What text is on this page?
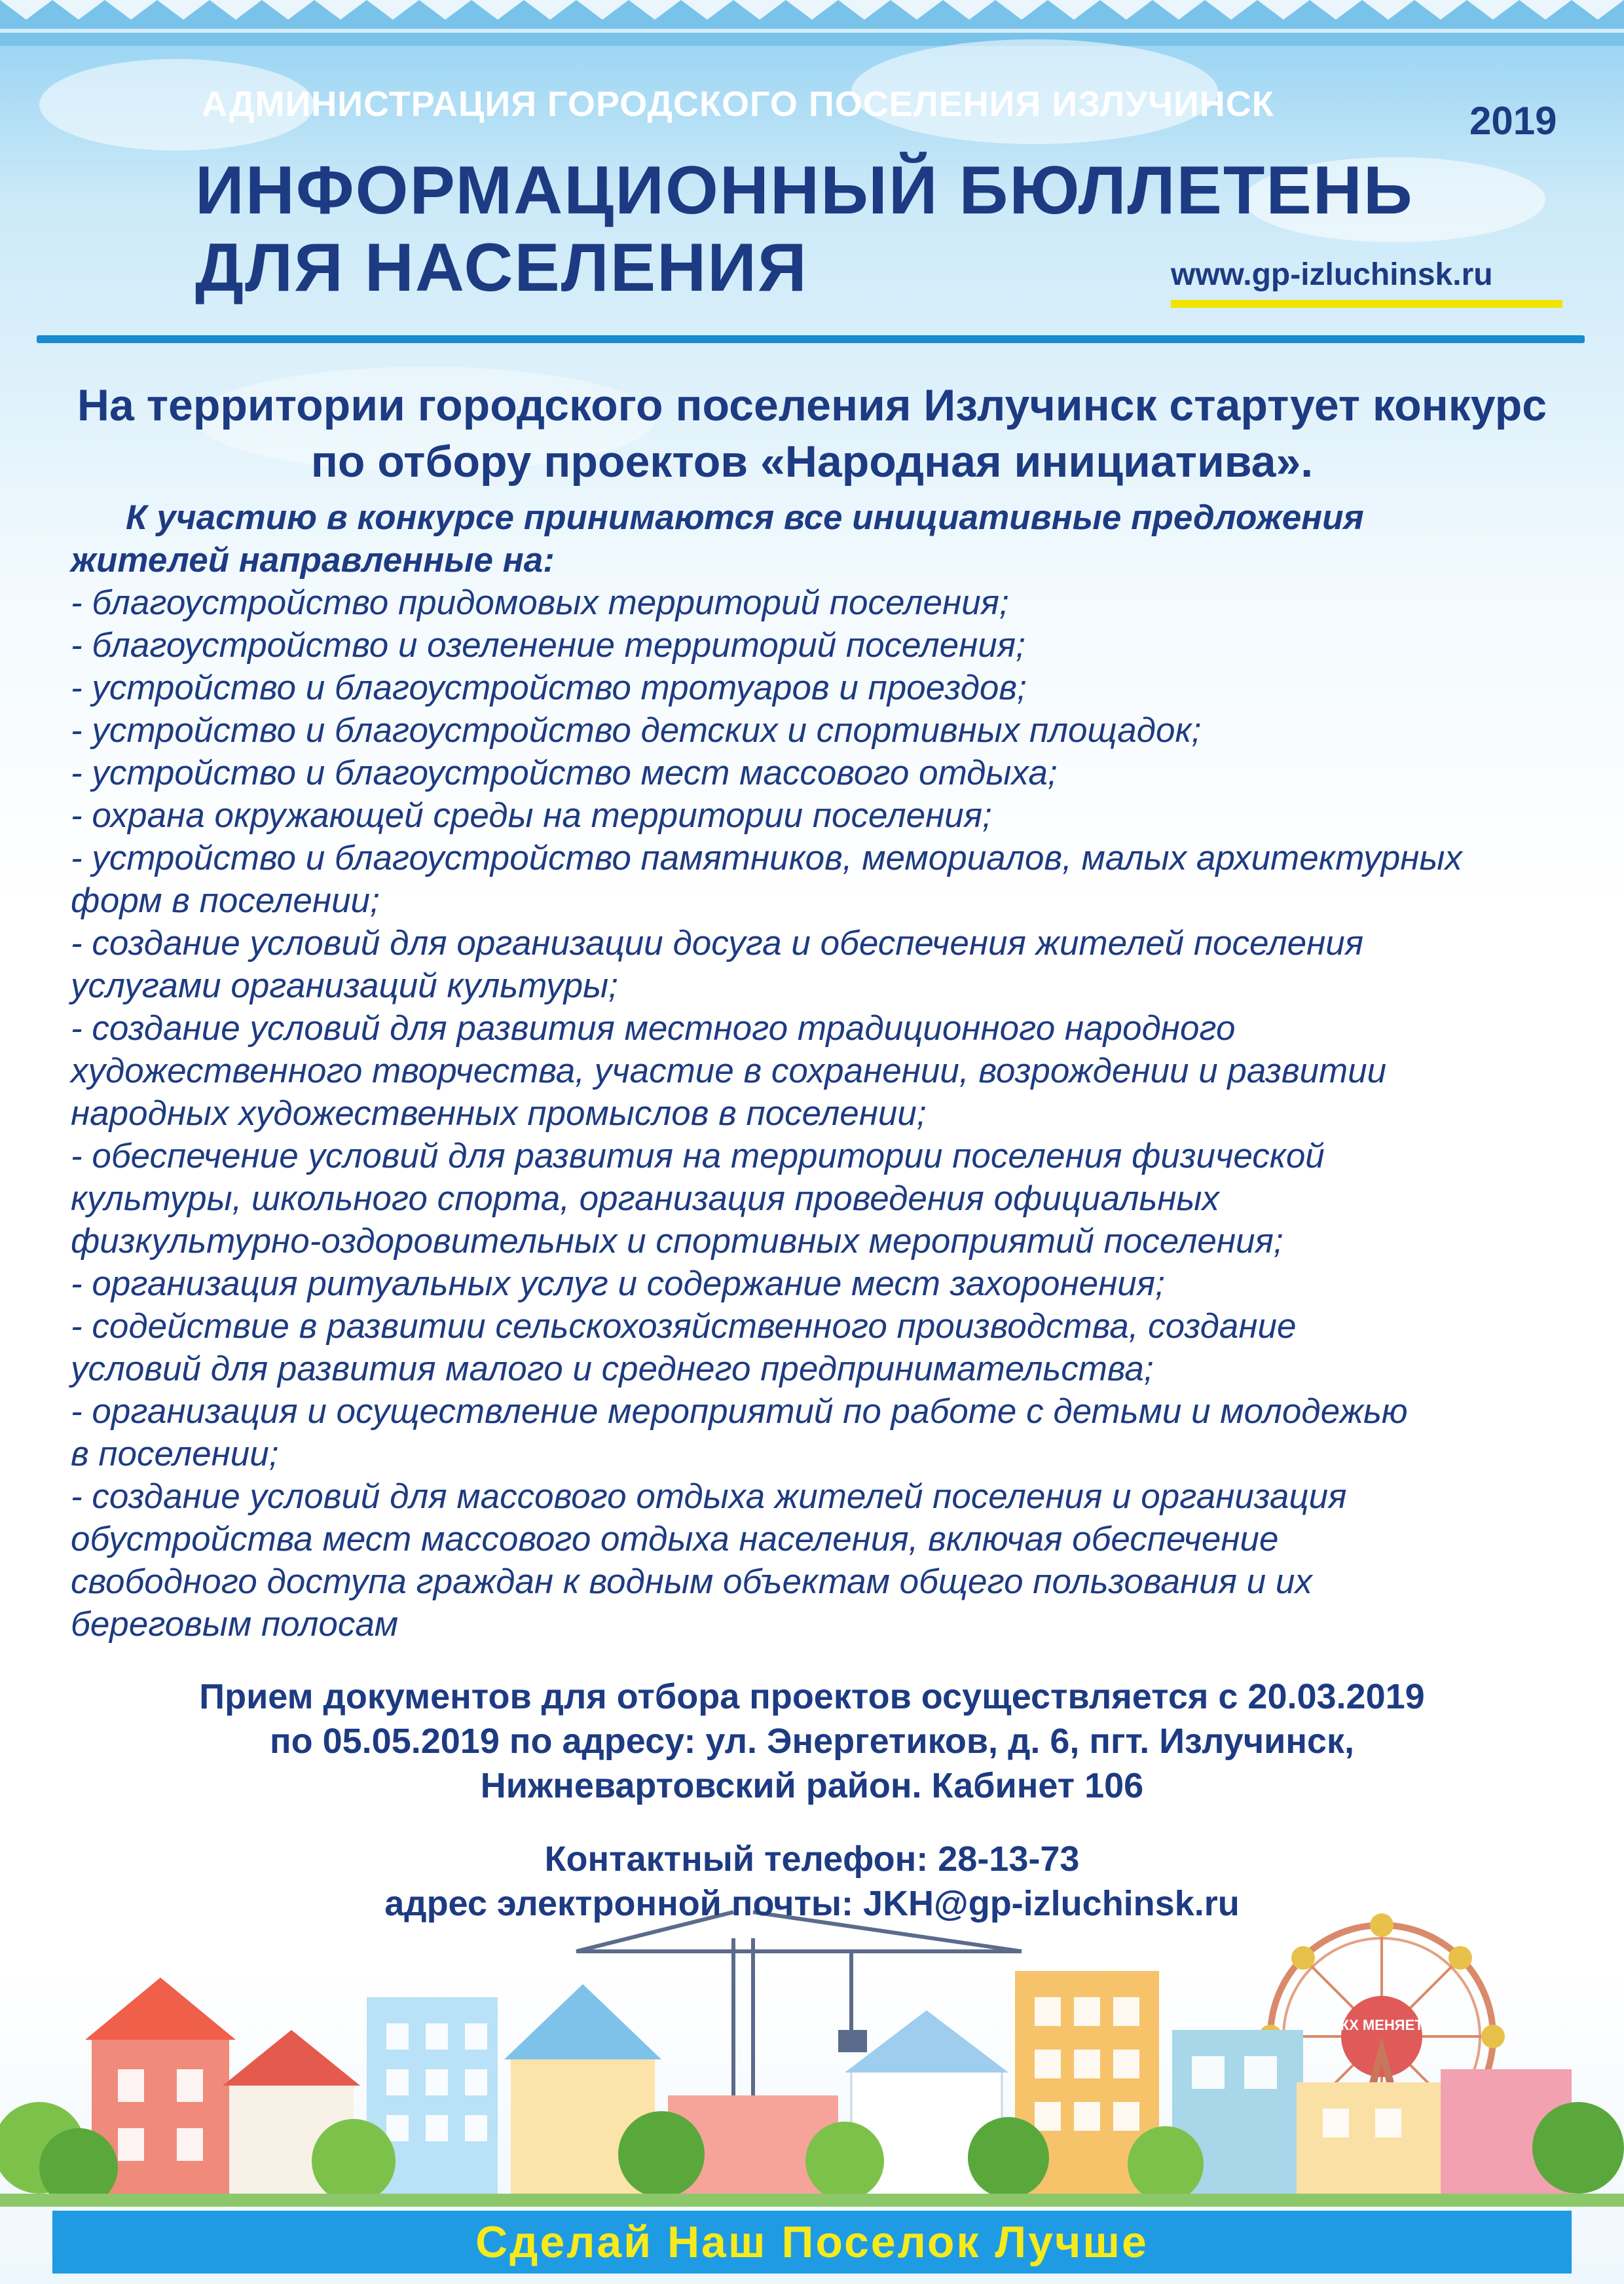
АДМИНИСТРАЦИЯ ГОРОДСКОГО ПОСЕЛЕНИЯ ИЗЛУЧИНСК	2019
ИНФОРМАЦИОННЫЙ БЮЛЛЕТЕНЬ
ДЛЯ НАСЕЛЕНИЯ	www.gp-izluchinsk.ru
На территории городского поселения Излучинск стартует конкурс
по отбору проектов «Народная инициатива».
К участию в конкурсе принимаются все инициативные предложения
жителей направленные на:
- благоустройство придомовых территорий поселения;
- благоустройство и озеленение территорий поселения;
- устройство и благоустройство тротуаров и проездов;
- устройство и благоустройство детских и спортивных площадок;
- устройство и благоустройство мест массового отдыха;
- охрана окружающей среды на территории поселения;
- устройство и благоустройство памятников, мемориалов, малых архитектурных
форм в поселении;
- создание условий для организации досуга и обеспечения жителей поселения
услугами организаций культуры;
- создание условий для развития местного традиционного народного
художественного творчества, участие в сохранении, возрождении и развитии
народных художественных промыслов в поселении;
- обеспечение условий для развития на территории поселения физической
культуры, школьного спорта, организация проведения официальных
физкультурно-оздоровительных и спортивных мероприятий поселения;
- организация ритуальных услуг и содержание мест захоронения;
- содействие в развитии сельскохозяйственного производства, создание
условий для развития малого и среднего предпринимательства;
- организация и осуществление мероприятий по работе с детьми и молодежью
в поселении;
- создание условий для массового отдыха жителей поселения и организация
обустройства мест массового отдыха населения, включая обеспечение
свободного доступа граждан к водным объектам общего пользования и их
береговым полосам
#ЖКХ МЕНЯЕТСЯ
Прием документов для отбора проектов осуществляется с 20.03.2019
по 05.05.2019 по адресу: ул. Энергетиков, д. 6, пгт. Излучинск,
Нижневартовский район. Кабинет 106
Контактный телефон: 28-13-73
адрес электронной почты: JKH@gp-izluchinsk.ru
Сделай Наш Поселок Лучше
